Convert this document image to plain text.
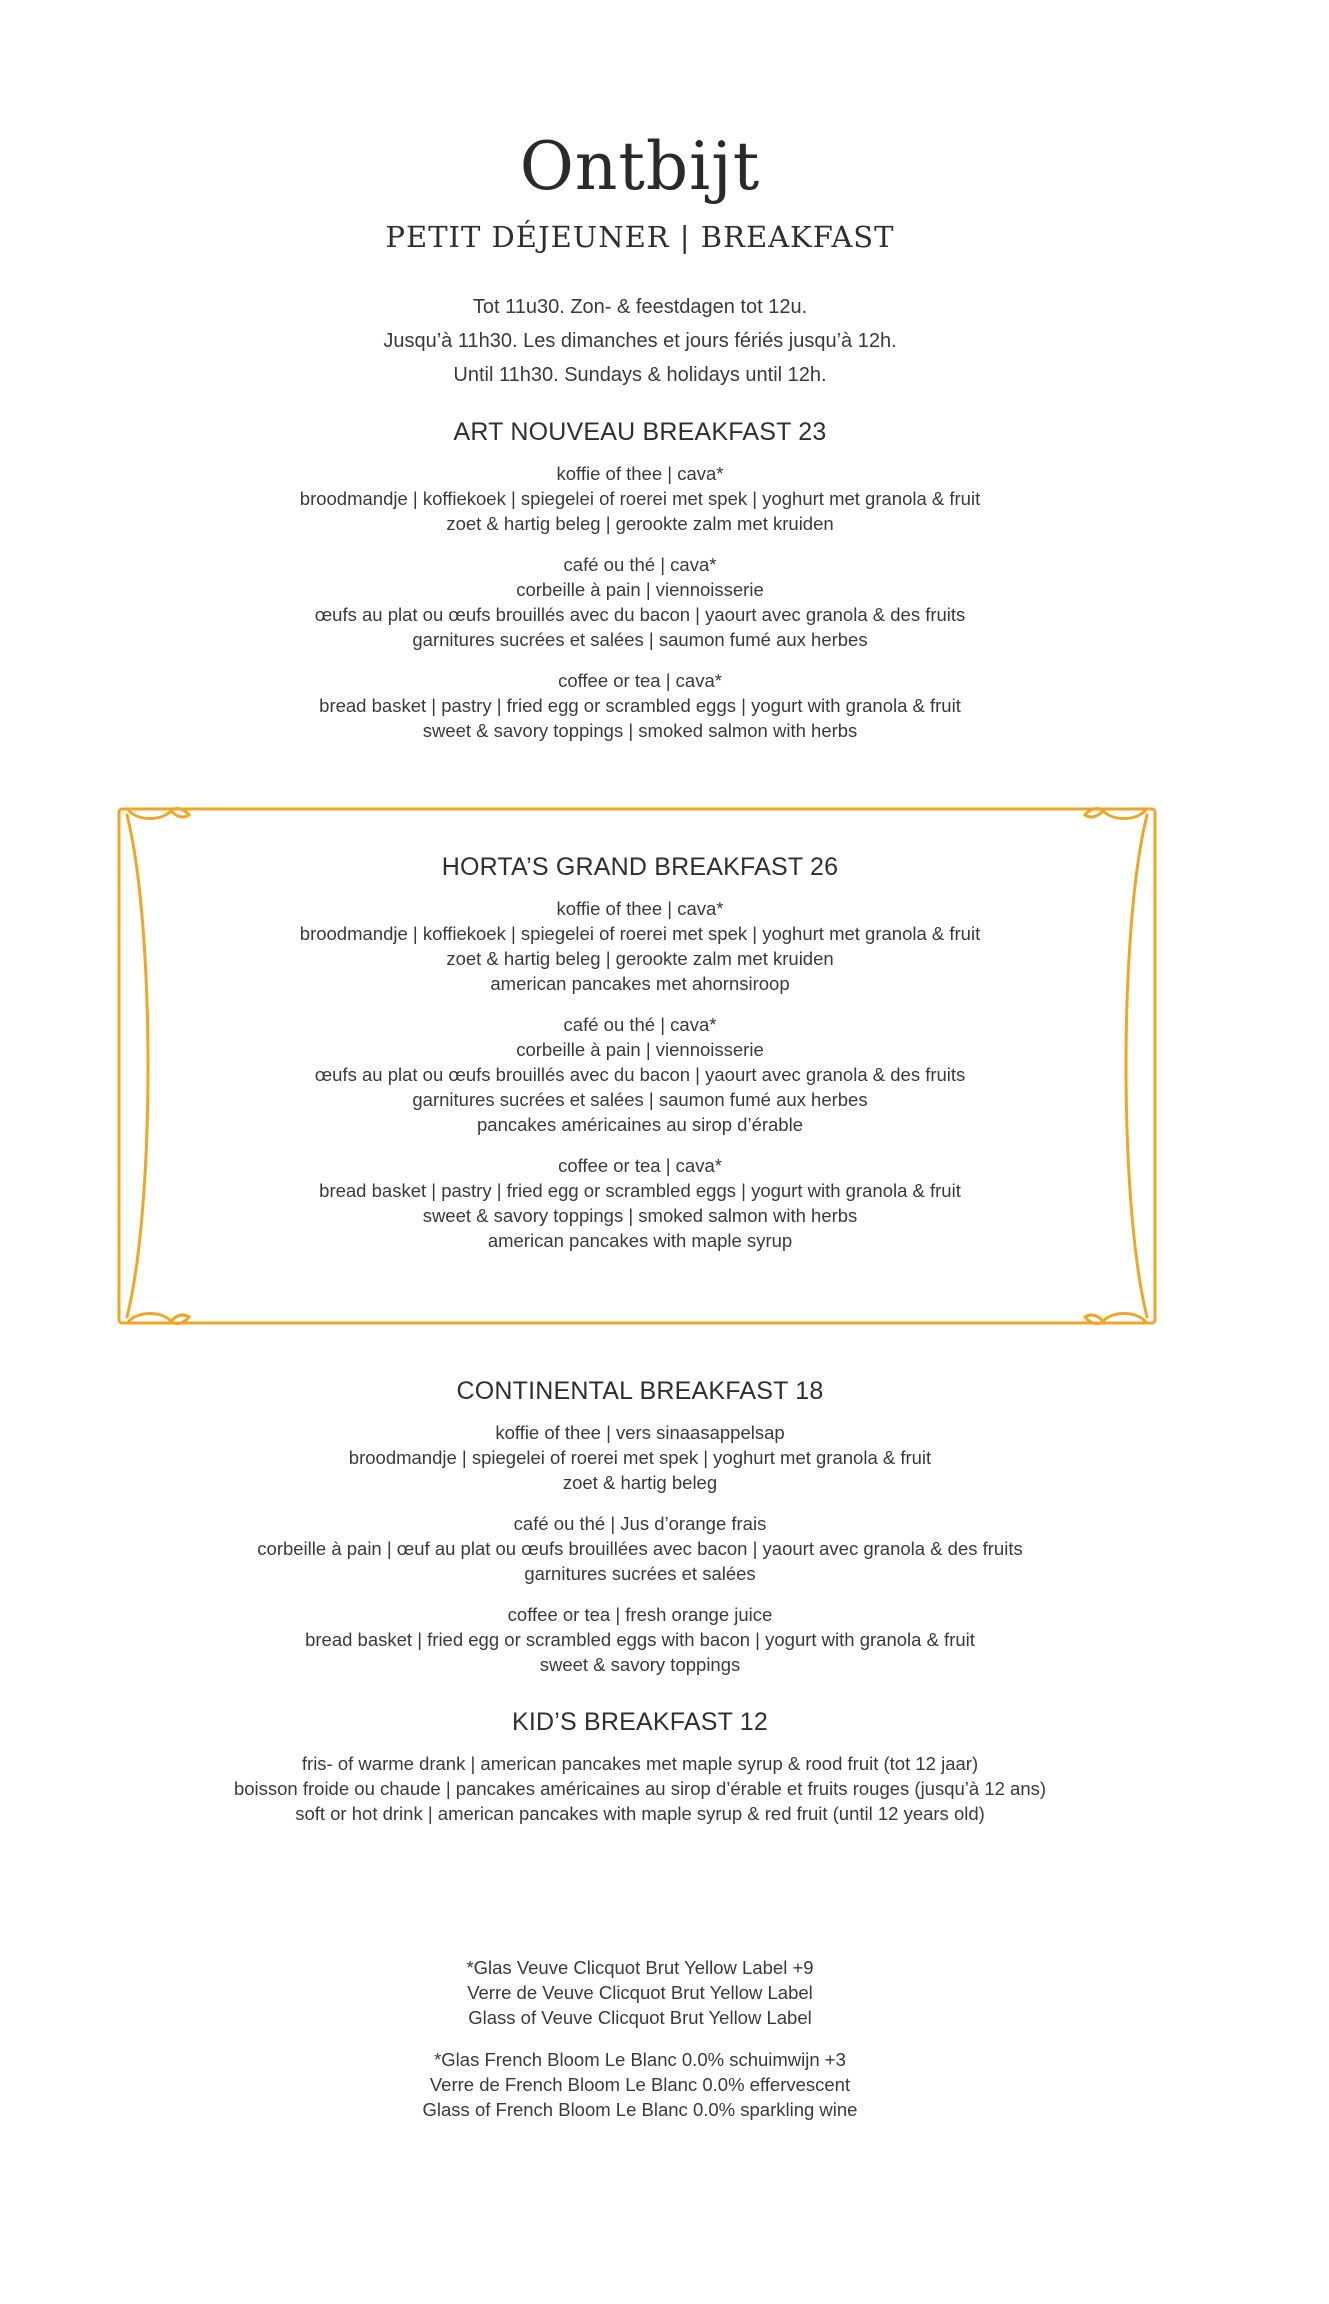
Ontbijt
PETIT DÉJEUNER | BREAKFAST
Tot 11u30. Zon- & feestdagen tot 12u.
Jusqu’à 11h30. Les dimanches et jours fériés jusqu’à 12h.
Until 11h30. Sundays & holidays until 12h.
ART NOUVEAU BREAKFAST 23
koffie of thee | cava*
broodmandje | koffiekoek | spiegelei of roerei met spek | yoghurt met granola & fruit
zoet & hartig beleg | gerookte zalm met kruiden
café ou thé | cava*
corbeille à pain | viennoisserie
œufs au plat ou œufs brouillés avec du bacon | yaourt avec granola & des fruits
garnitures sucrées et salées | saumon fumé aux herbes
coffee or tea | cava*
bread basket | pastry | fried egg or scrambled eggs | yogurt with granola & fruit
sweet & savory toppings | smoked salmon with herbs
HORTA’S GRAND BREAKFAST 26
koffie of thee | cava*
broodmandje | koffiekoek | spiegelei of roerei met spek | yoghurt met granola & fruit
zoet & hartig beleg | gerookte zalm met kruiden
american pancakes met ahornsiroop
café ou thé | cava*
corbeille à pain | viennoisserie
œufs au plat ou œufs brouillés avec du bacon | yaourt avec granola & des fruits
garnitures sucrées et salées | saumon fumé aux herbes
pancakes américaines au sirop d’érable
coffee or tea | cava*
bread basket | pastry | fried egg or scrambled eggs | yogurt with granola & fruit
sweet & savory toppings | smoked salmon with herbs
american pancakes with maple syrup
CONTINENTAL BREAKFAST 18
koffie of thee | vers sinaasappelsap
broodmandje | spiegelei of roerei met spek | yoghurt met granola & fruit
zoet & hartig beleg
café ou thé | Jus d’orange frais
corbeille à pain | œuf au plat ou œufs brouillées avec bacon | yaourt avec granola & des fruits
garnitures sucrées et salées
coffee or tea | fresh orange juice
bread basket | fried egg or scrambled eggs with bacon | yogurt with granola & fruit
sweet & savory toppings
KID’S BREAKFAST 12
fris- of warme drank | american pancakes met maple syrup & rood fruit (tot 12 jaar)
boisson froide ou chaude | pancakes américaines au sirop d’érable et fruits rouges (jusqu’à 12 ans)
soft or hot drink | american pancakes with maple syrup & red fruit (until 12 years old)
*Glas Veuve Clicquot Brut Yellow Label +9
Verre de Veuve Clicquot Brut Yellow Label
Glass of Veuve Clicquot Brut Yellow Label
*Glas French Bloom Le Blanc 0.0% schuimwijn +3
Verre de French Bloom Le Blanc 0.0% effervescent
Glass of French Bloom Le Blanc 0.0% sparkling wine
